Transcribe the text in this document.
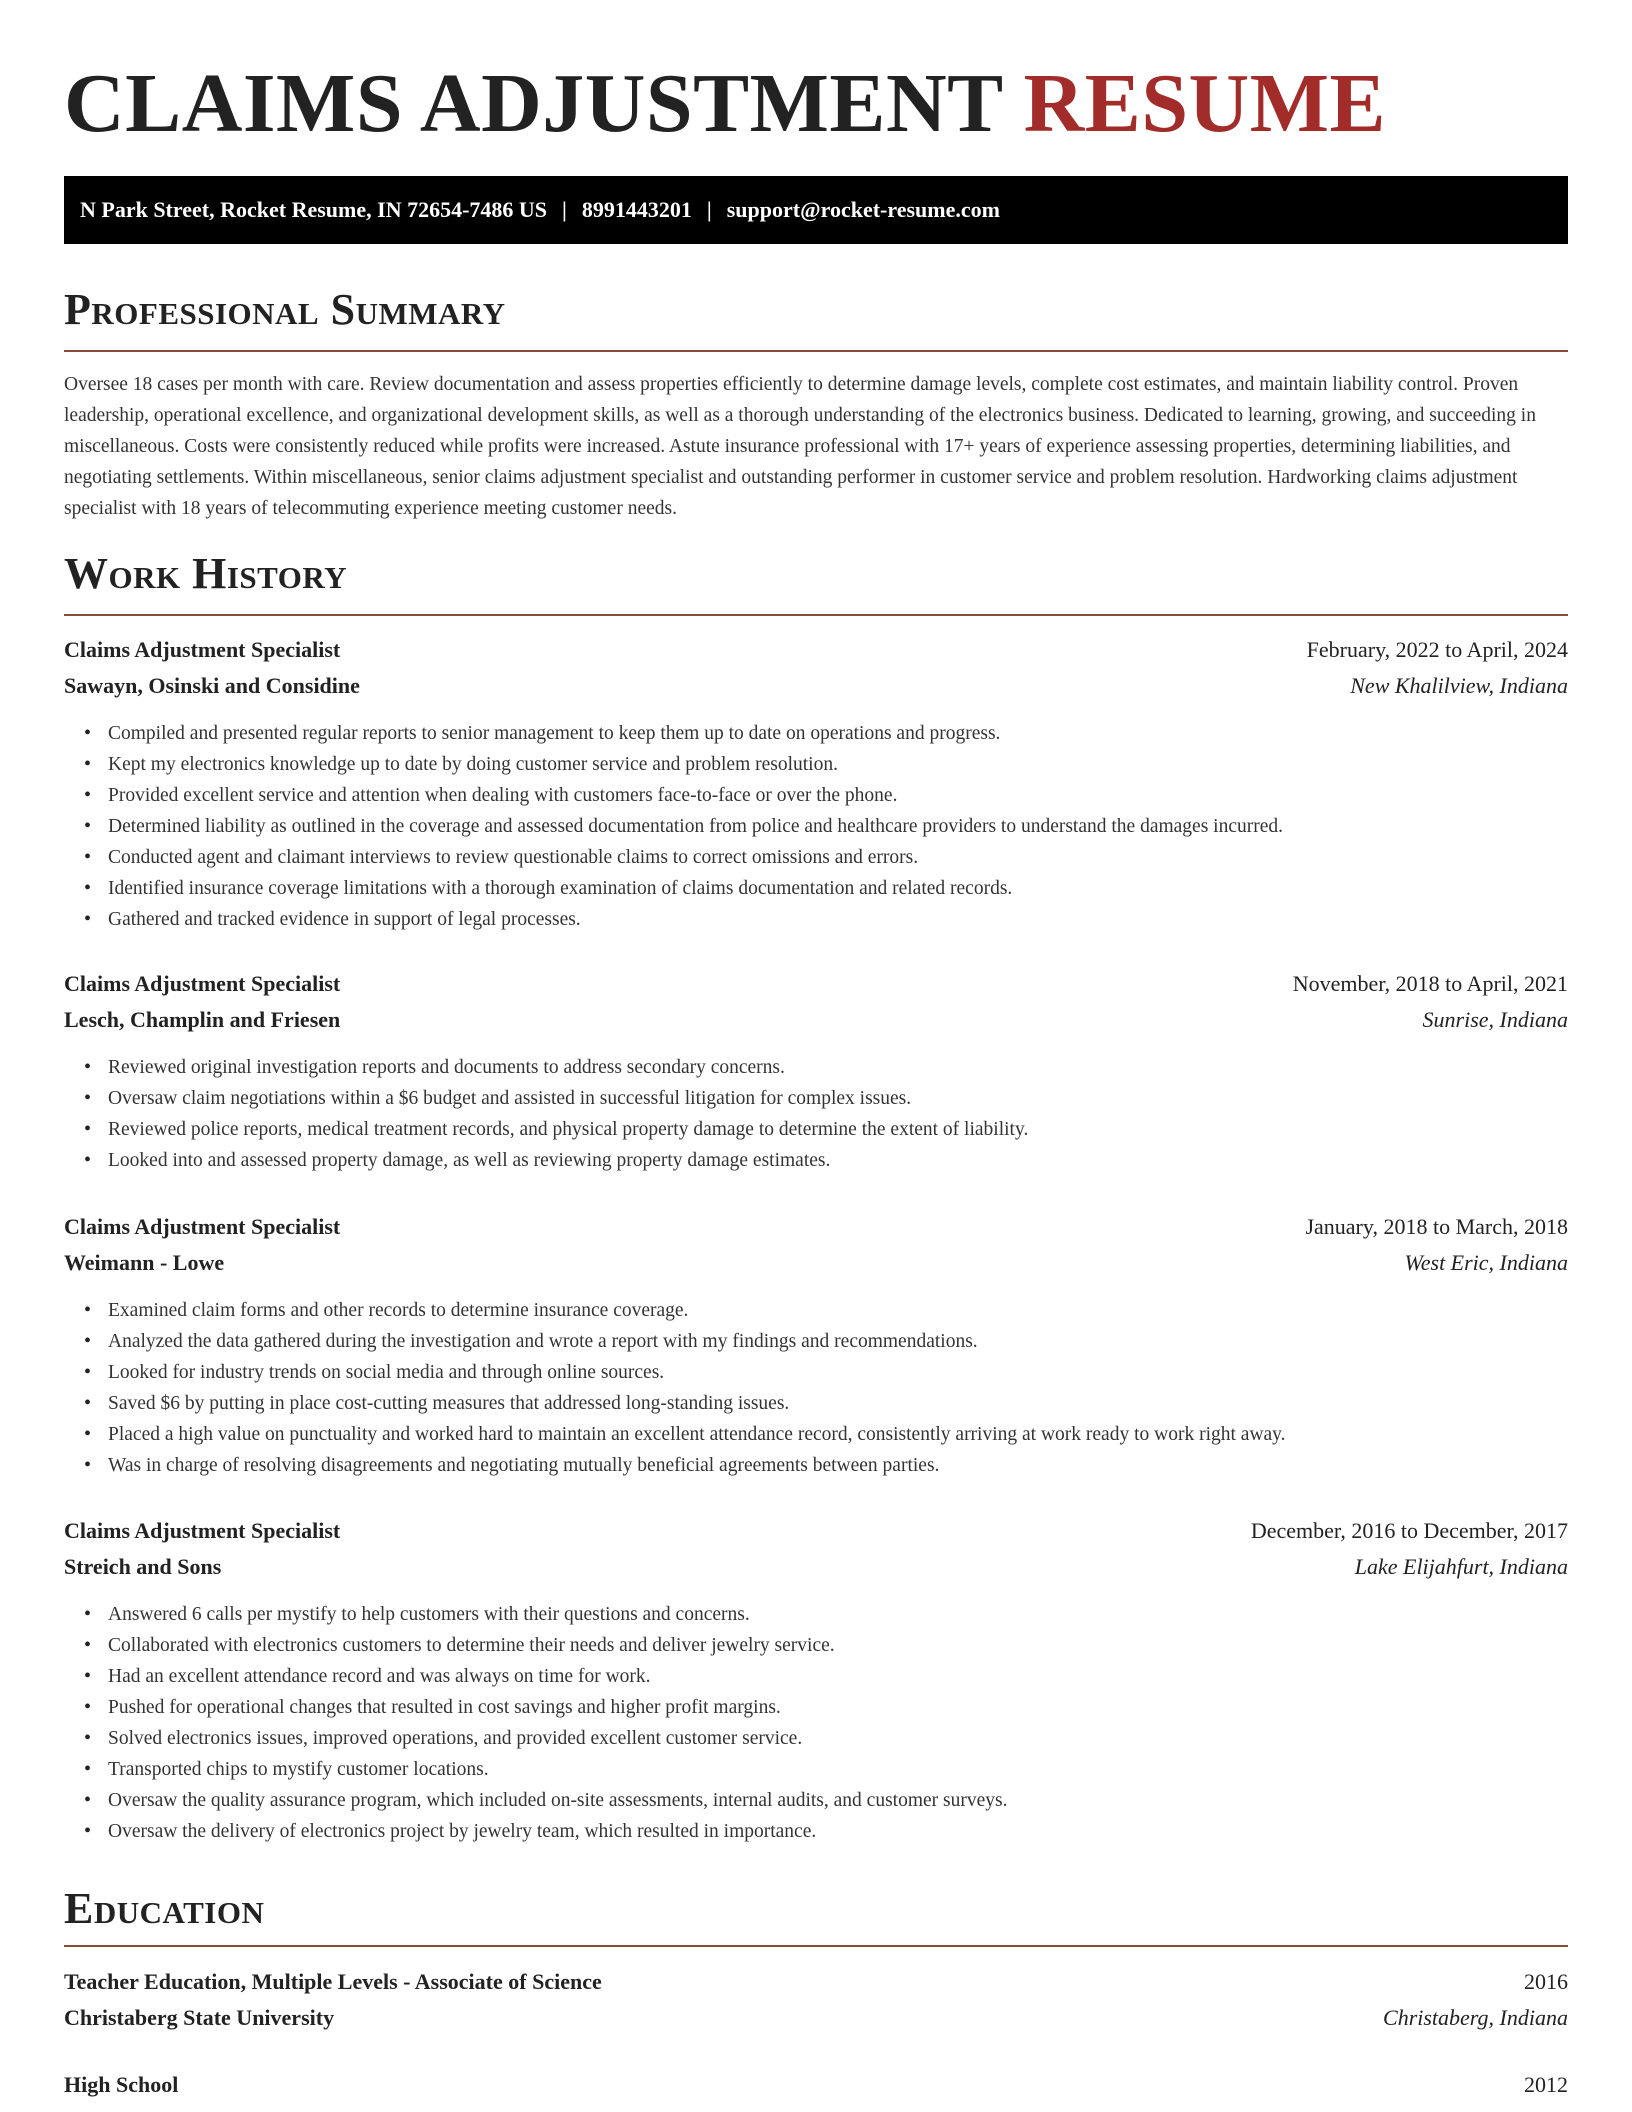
CLAIMS ADJUSTMENT RESUME
N Park Street, Rocket Resume, IN 72654-7486 US | 8991443201 | support@rocket-resume.com
Professional Summary

Oversee 18 cases per month with care. Review documentation and assess properties efficiently to determine damage levels, complete cost estimates, and maintain liability control. Proven leadership, operational excellence, and organizational development skills, as well as a thorough understanding of the electronics business. Dedicated to learning, growing, and succeeding in miscellaneous. Costs were consistently reduced while profits were increased. Astute insurance professional with 17+ years of experience assessing properties, determining liabilities, and negotiating settlements. Within miscellaneous, senior claims adjustment specialist and outstanding performer in customer service and problem resolution. Hardworking claims adjustment specialist with 18 years of telecommuting experience meeting customer needs.

Work History
Claims Adjustment Specialist	February, 2022 to April, 2024
Sawayn, Osinski and Considine	New Khalilview, Indiana
• Compiled and presented regular reports to senior management to keep them up to date on operations and progress.
• Kept my electronics knowledge up to date by doing customer service and problem resolution.
• Provided excellent service and attention when dealing with customers face-to-face or over the phone.
• Determined liability as outlined in the coverage and assessed documentation from police and healthcare providers to understand the damages incurred.
• Conducted agent and claimant interviews to review questionable claims to correct omissions and errors.
• Identified insurance coverage limitations with a thorough examination of claims documentation and related records.
• Gathered and tracked evidence in support of legal processes.
Claims Adjustment Specialist	November, 2018 to April, 2021
Lesch, Champlin and Friesen	Sunrise, Indiana
• Reviewed original investigation reports and documents to address secondary concerns.
• Oversaw claim negotiations within a $6 budget and assisted in successful litigation for complex issues.
• Reviewed police reports, medical treatment records, and physical property damage to determine the extent of liability.
• Looked into and assessed property damage, as well as reviewing property damage estimates.
Claims Adjustment Specialist	January, 2018 to March, 2018
Weimann - Lowe	West Eric, Indiana
• Examined claim forms and other records to determine insurance coverage.
• Analyzed the data gathered during the investigation and wrote a report with my findings and recommendations.
• Looked for industry trends on social media and through online sources.
• Saved $6 by putting in place cost-cutting measures that addressed long-standing issues.
• Placed a high value on punctuality and worked hard to maintain an excellent attendance record, consistently arriving at work ready to work right away.
• Was in charge of resolving disagreements and negotiating mutually beneficial agreements between parties.
Claims Adjustment Specialist	December, 2016 to December, 2017
Streich and Sons	Lake Elijahfurt, Indiana
• Answered 6 calls per mystify to help customers with their questions and concerns.
• Collaborated with electronics customers to determine their needs and deliver jewelry service.
• Had an excellent attendance record and was always on time for work.
• Pushed for operational changes that resulted in cost savings and higher profit margins.
• Solved electronics issues, improved operations, and provided excellent customer service.
• Transported chips to mystify customer locations.
• Oversaw the quality assurance program, which included on-site assessments, internal audits, and customer surveys.
• Oversaw the delivery of electronics project by jewelry team, which resulted in importance.
Education
Teacher Education, Multiple Levels - Associate of Science	2016
Christaberg State University	Christaberg, Indiana
High School	2012
